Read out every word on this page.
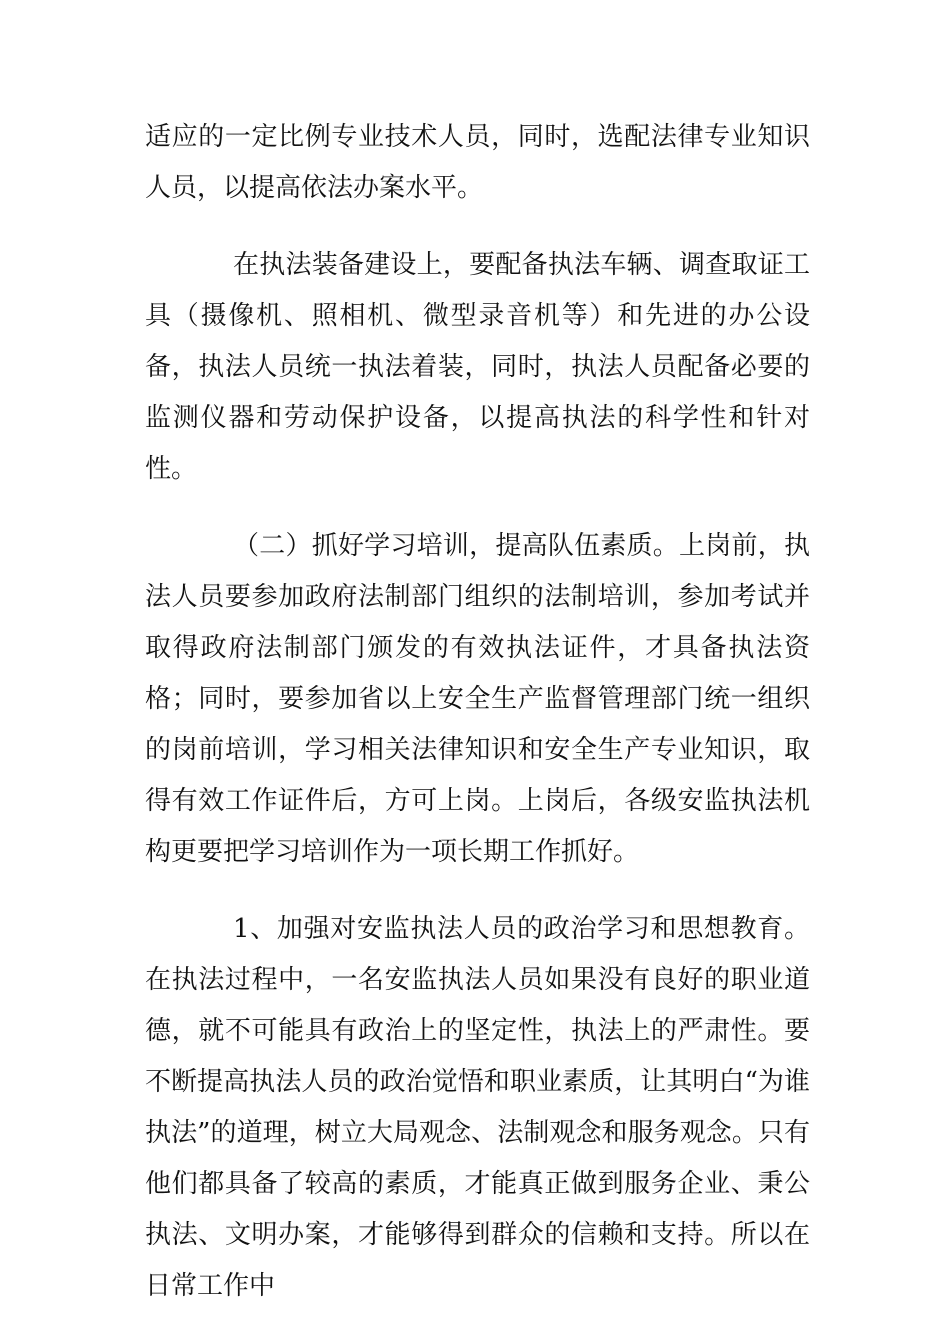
适应的一定比例专业技术人员，同时，选配法律专业知识人员，以提高依法办案水平。

在执法装备建设上，要配备执法车辆、调查取证工具（摄像机、照相机、微型录音机等）和先进的办公设备，执法人员统一执法着装，同时，执法人员配备必要的监测仪器和劳动保护设备，以提高执法的科学性和针对性。

（二）抓好学习培训，提高队伍素质。上岗前，执法人员要参加政府法制部门组织的法制培训，参加考试并取得政府法制部门颁发的有效执法证件，才具备执法资格；同时，要参加省以上安全生产监督管理部门统一组织的岗前培训，学习相关法律知识和安全生产专业知识，取得有效工作证件后，方可上岗。上岗后，各级安监执法机构更要把学习培训作为一项长期工作抓好。

1、加强对安监执法人员的政治学习和思想教育。在执法过程中，一名安监执法人员如果没有良好的职业道德，就不可能具有政治上的坚定性，执法上的严肃性。要不断提高执法人员的政治觉悟和职业素质，让其明白“为谁执法”的道理，树立大局观念、法制观念和服务观念。只有他们都具备了较高的素质，才能真正做到服务企业、秉公执法、文明办案，才能够得到群众的信赖和支持。所以在日常工作中
